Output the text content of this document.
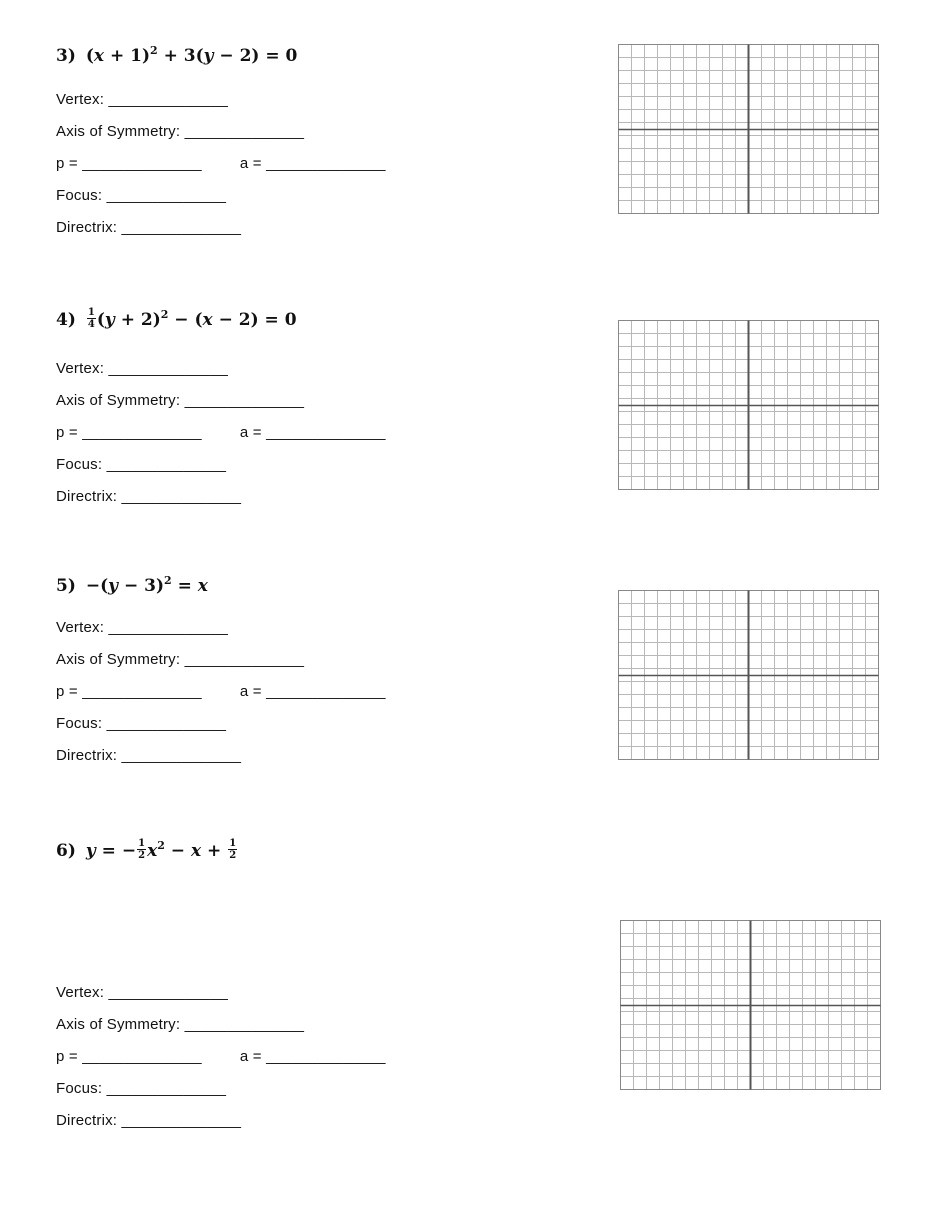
3) $(x + 1)^2 + 3(y - 2) = 0$
Vertex: ______________
Axis of Symmetry: ______________
p = ______________	a = ______________
Focus: ______________
Directrix: ______________
$4) \frac{1}{4} (y + 2)^2 - (x - 2) = 0$
Vertex: ______________
Axis of Symmetry: ______________
p = ______________	a = ______________
Focus: ______________
Directrix: ______________
$5) -(y - 3)^2 = x$
Vertex: ______________
Axis of Symmetry: ______________
p = ______________	a = ______________
Focus: ______________
Directrix: ______________
6) y = − $\frac{1}{2} x^2 - x + \frac{1}{2}$
Vertex: ______________
Axis of Symmetry: ______________
p = ______________	a = ______________
Focus: ______________
Directrix: ______________
